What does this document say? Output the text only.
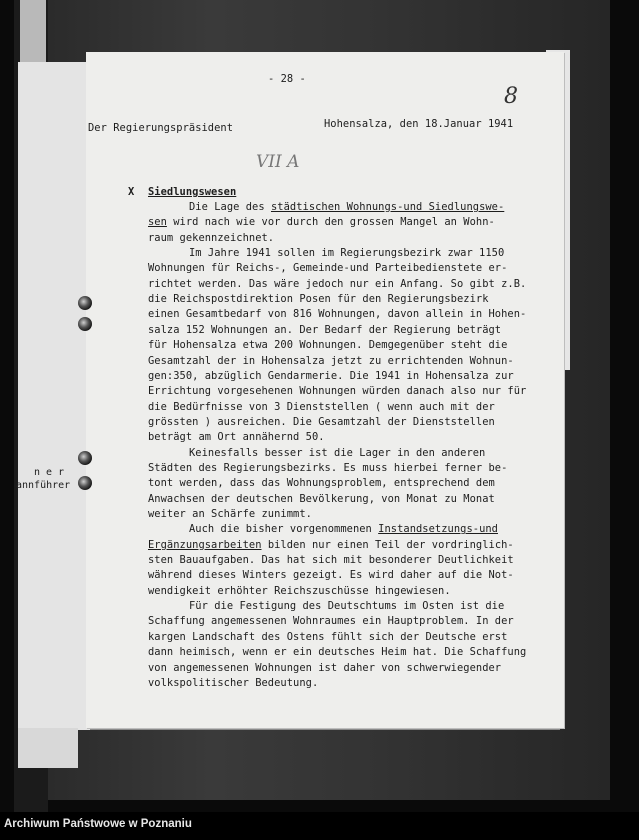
n e r
annführer
- 28 -
8
Der Regierungspräsident	Hohensalza, den 18.Januar 1941
VII A
X Siedlungswesen
Die Lage des städtischen Wohnungs-und Siedlungswe-
sen wird nach wie vor durch den grossen Mangel an Wohn-
raum gekennzeichnet.
Im Jahre 1941 sollen im Regierungsbezirk zwar 1150
Wohnungen für Reichs-, Gemeinde-und Parteibedienstete er-
richtet werden. Das wäre jedoch nur ein Anfang. So gibt z.B.
die Reichspostdirektion Posen für den Regierungsbezirk
einen Gesamtbedarf von 816 Wohnungen, davon allein in Hohen-
salza 152 Wohnungen an. Der Bedarf der Regierung beträgt
für Hohensalza etwa 200 Wohnungen. Demgegenüber steht die
Gesamtzahl der in Hohensalza jetzt zu errichtenden Wohnun-
gen:350, abzüglich Gendarmerie. Die 1941 in Hohensalza zur
Errichtung vorgesehenen Wohnungen würden danach also nur für
die Bedürfnisse von 3 Dienststellen ( wenn auch mit der
grössten ) ausreichen. Die Gesamtzahl der Dienststellen
beträgt am Ort annähernd 50.
Keinesfalls besser ist die Lager in den anderen
Städten des Regierungsbezirks. Es muss hierbei ferner be-
tont werden, dass das Wohnungsproblem, entsprechend dem
Anwachsen der deutschen Bevölkerung, von Monat zu Monat
weiter an Schärfe zunimmt.
Auch die bisher vorgenommenen Instandsetzungs-und
Ergänzungsarbeiten bilden nur einen Teil der vordringlich-
sten Bauaufgaben. Das hat sich mit besonderer Deutlichkeit
während dieses Winters gezeigt. Es wird daher auf die Not-
wendigkeit erhöhter Reichszuschüsse hingewiesen.
Für die Festigung des Deutschtums im Osten ist die
Schaffung angemessenen Wohnraumes ein Hauptproblem. In der
kargen Landschaft des Ostens fühlt sich der Deutsche erst
dann heimisch, wenn er ein deutsches Heim hat. Die Schaffung
von angemessenen Wohnungen ist daher von schwerwiegender
volkspolitischer Bedeutung.
Archiwum Państwowe w Poznaniu
